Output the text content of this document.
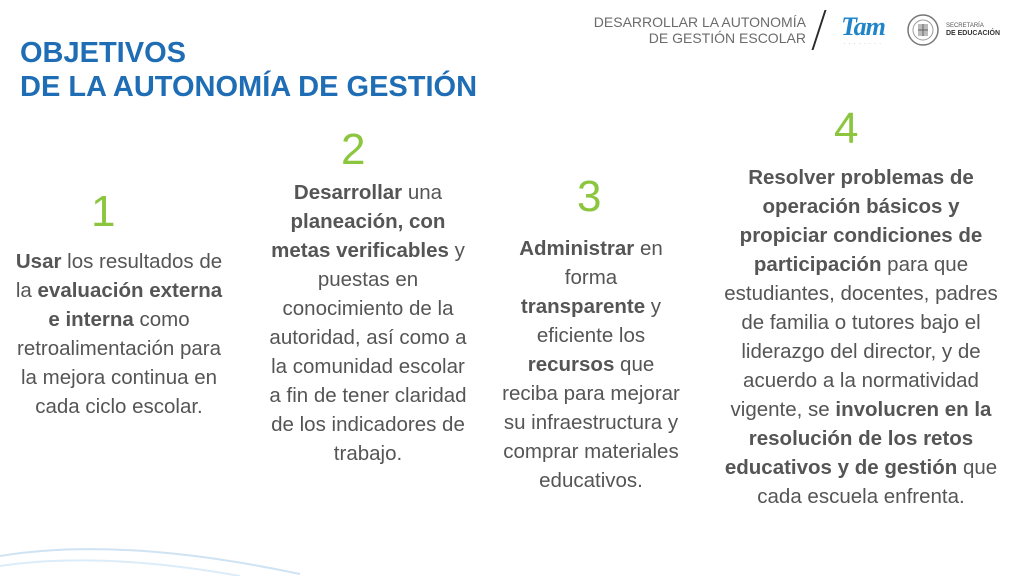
DESARROLLAR LA AUTONOMÍA
DE GESTIÓN ESCOLAR Tam
· · · · · · · ·
SECRETARÍA
DE EDUCACIÓN
OBJETIVOS
DE LA AUTONOMÍA DE GESTIÓN
1
Usar los resultados de la evaluación externa e interna como retroalimentación para la mejora continua en cada ciclo escolar.
2
Desarrollar una planeación, con metas verificables y puestas en conocimiento de la autoridad, así como a la comunidad escolar a fin de tener claridad de los indicadores de trabajo.
3
Administrar en forma transparente y eficiente los recursos que reciba para mejorar su infraestructura y comprar materiales educativos.
4
Resolver problemas de operación básicos y propiciar condiciones de participación para que estudiantes, docentes, padres de familia o tutores bajo el liderazgo del director, y de acuerdo a la normatividad vigente, se involucren en la resolución de los retos educativos y de gestión que cada escuela enfrenta.
